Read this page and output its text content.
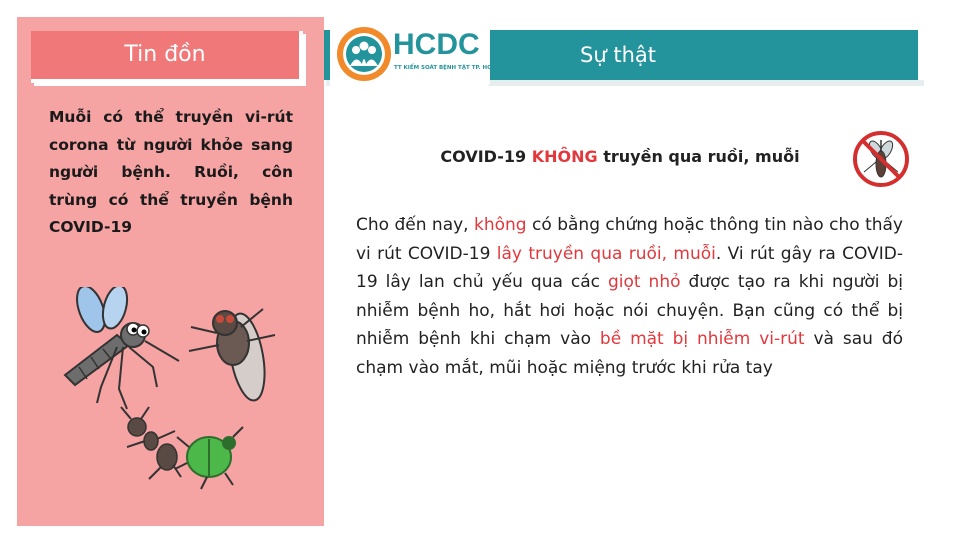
Tin đồn
Muỗi có thể truyền vi-rút corona từ người khỏe sang người bệnh. Ruồi, côn trùng có thể truyền bệnh COVID-19
HCDC
TT KIỂM SOÁT BỆNH TẬT TP. HCM
Sự thật
COVID-19 KHÔNG truyền qua ruồi, muỗi
Cho đến nay, không có bằng chứng hoặc thông tin nào cho thấy vi rút COVID-19 lây truyền qua ruồi, muỗi. Vi rút gây ra COVID-19 lây lan chủ yếu qua các giọt nhỏ được tạo ra khi người bị nhiễm bệnh ho, hắt hơi hoặc nói chuyện. Bạn cũng có thể bị nhiễm bệnh khi chạm vào bề mặt bị nhiễm vi-rút và sau đó chạm vào mắt, mũi hoặc miệng trước khi rửa tay
